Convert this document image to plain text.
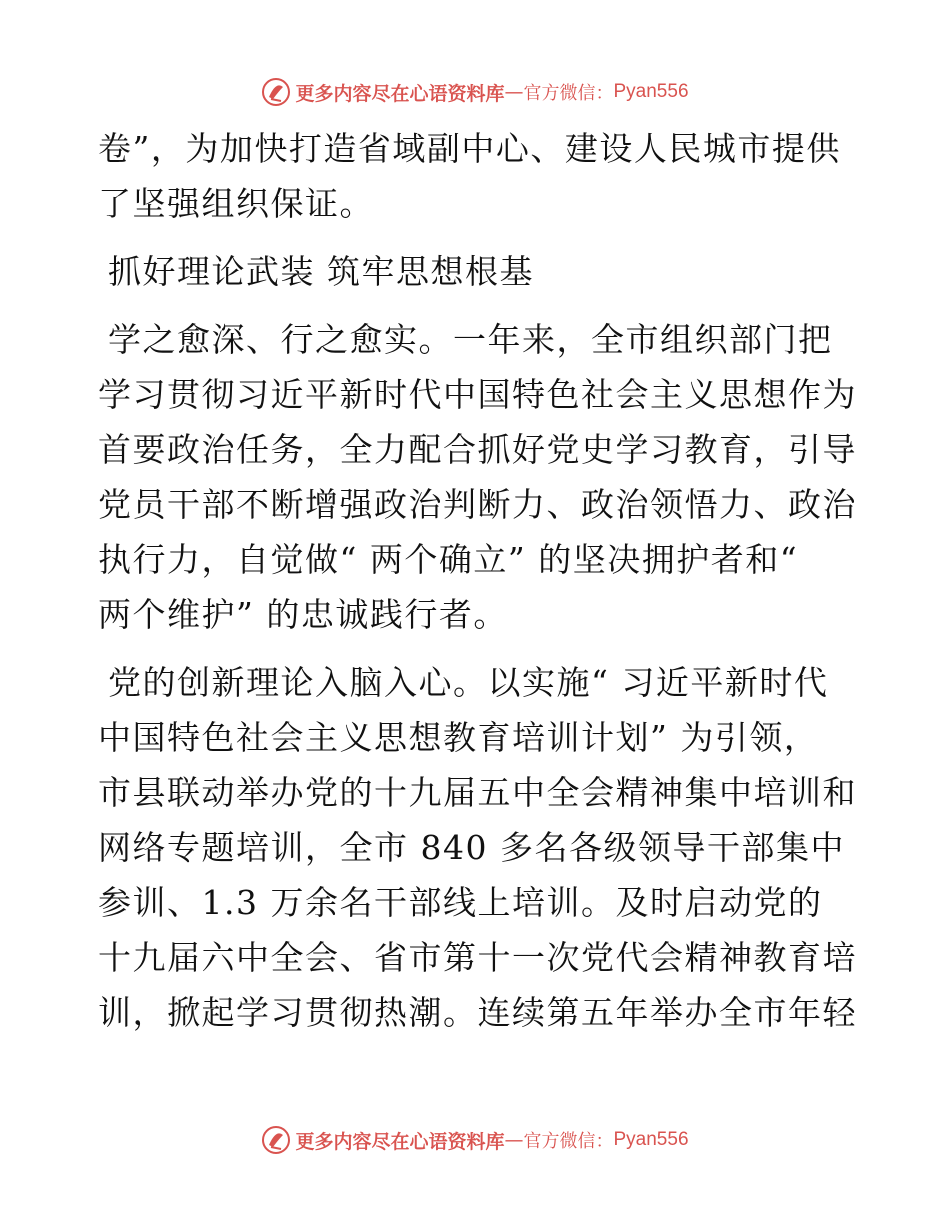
更多内容尽在心语资料库 — 官方微信： Pyan556
卷”，为加快打造省域副中心、建设人民城市提供
了坚强组织保证。
抓好理论武装 筑牢思想根基
学之愈深、行之愈实。一年来，全市组织部门把
学习贯彻习近平新时代中国特色社会主义思想作为
首要政治任务，全力配合抓好党史学习教育，引导
党员干部不断增强政治判断力、政治领悟力、政治
执行力，自觉做“ 两个确立” 的坚决拥护者和“
两个维护” 的忠诚践行者。
党的创新理论入脑入心。以实施“ 习近平新时代
中国特色社会主义思想教育培训计划” 为引领，
市县联动举办党的十九届五中全会精神集中培训和
网络专题培训，全市 840 多名各级领导干部集中
参训、1.3 万余名干部线上培训。及时启动党的
十九届六中全会、省市第十一次党代会精神教育培
训，掀起学习贯彻热潮。连续第五年举办全市年轻
更多内容尽在心语资料库 — 官方微信： Pyan556
